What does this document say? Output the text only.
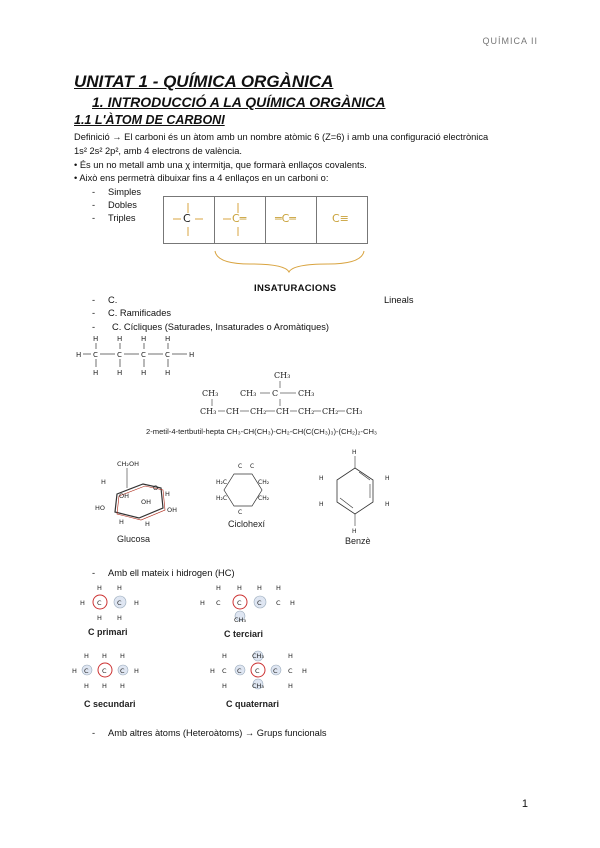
QUÍMICA II
UNITAT 1 - QUÍMICA ORGÀNICA
1. INTRODUCCIÓ A LA QUÍMICA ORGÀNICA
1.1 L'ÀTOM DE CARBONI
Definició → El carboni és un àtom amb un nombre atòmic 6 (Z=6) i amb una configuració electrònica
1s² 2s² 2p², amb 4 electrons de valència.
• És un no metall amb una χ intermitja, que formarà enllaços covalents.
• Això ens permetrà dibuixar fins a 4 enllaços en un carboni o:
- Simples
- Dobles
- Triples	C	C═	═C═	C≡
INSATURACIONS
- C.	Lineals
- C. Ramificades
- C. Cícliques (Saturades, Insaturades o Aromàtiques)
H C	C	C	C	H
H	H	H	H
H	H	H	H	CH₃
CH₃	CH₃ C CH₃
CH₃ CH CH₂ CH CH₂ CH₂ CH₃
2-metil-4-tertbutil-hepta CH₃-CH(CH₃)-CH₂-CH(C(CH₃)₃)-(CH₂)₂-CH₃
CH₂OH
O
H
OH
HO
OH
OH
H
H	H
Glucosa
C C
H₂C	CH₂
H₂C	CH₂
C
Ciclohexí
H
H	H
H	H
H
Benzè
- Amb ell mateix i hidrogen (HC)
H C C H
H H
H H
C primari
H C	C C C H
H H H H
CH₃
C terciari
H C C C H
H H H
H H H
C secundari
H C C C C C H
CH₃
CH₃
H	H
H	H
C quaternari
- Amb altres àtoms (Heteroàtoms) → Grups funcionals
1
